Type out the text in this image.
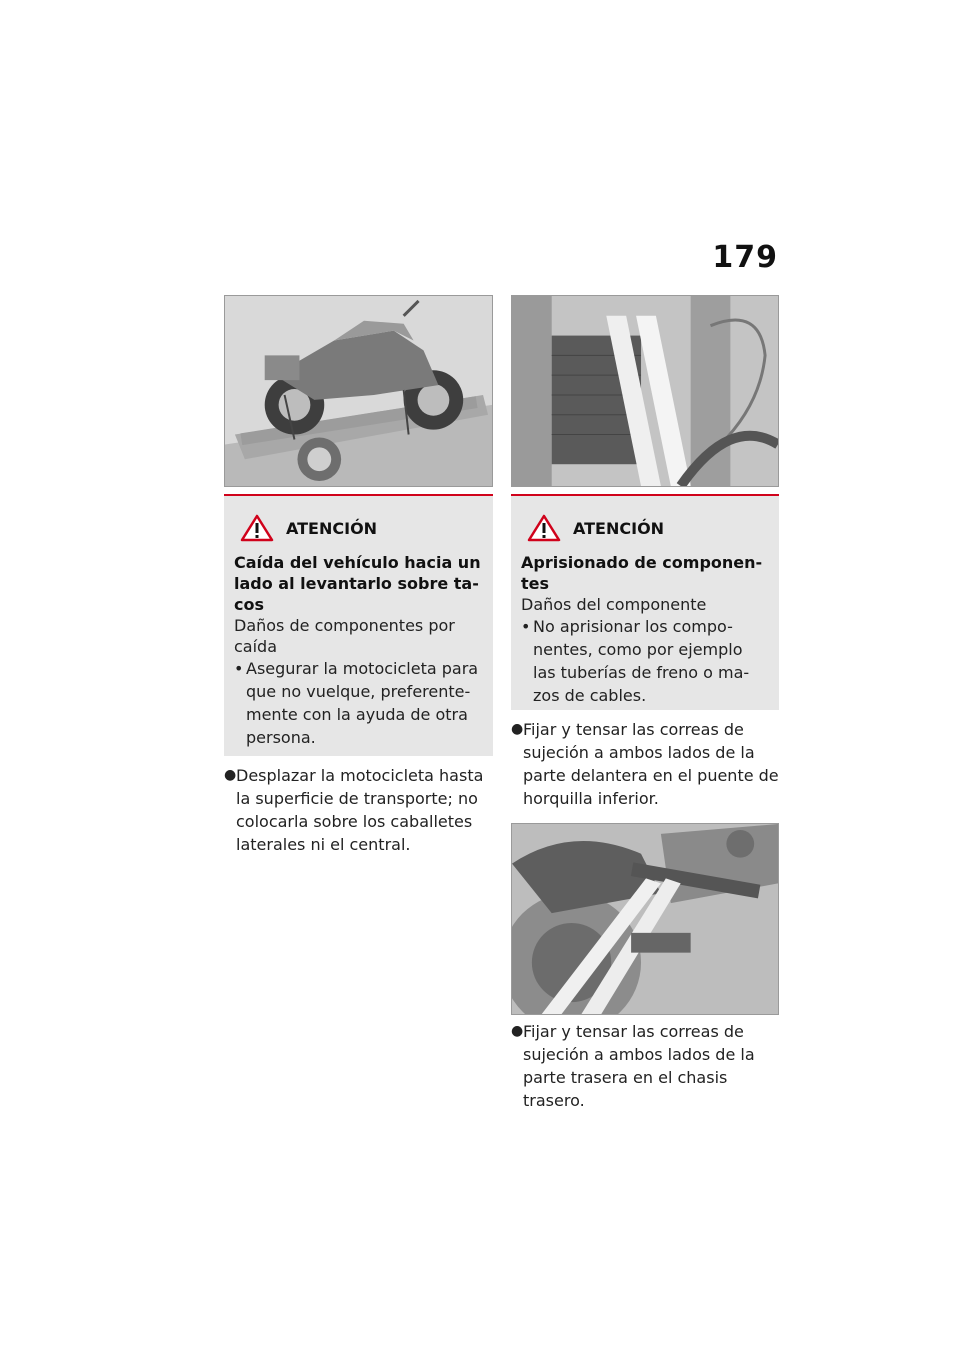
179
ATENCIÓN
Caída del vehículo hacia un lado al levantarlo sobre ta-cos
Daños de componentes por caída
• Asegurar la motocicleta para que no vuelque, preferente-mente con la ayuda de otra persona.
ATENCIÓN
Aprisionado de componen-tes
Daños del componente
• No aprisionar los compo-nentes, como por ejemplo las tuberías de freno o ma-zos de cables.
● Desplazar la motocicleta hasta la superficie de transporte; no colocarla sobre los caballetes laterales ni el central.
● Fijar y tensar las correas de sujeción a ambos lados de la parte delantera en el puente de horquilla inferior.
● Fijar y tensar las correas de sujeción a ambos lados de la parte trasera en el chasis trasero.
